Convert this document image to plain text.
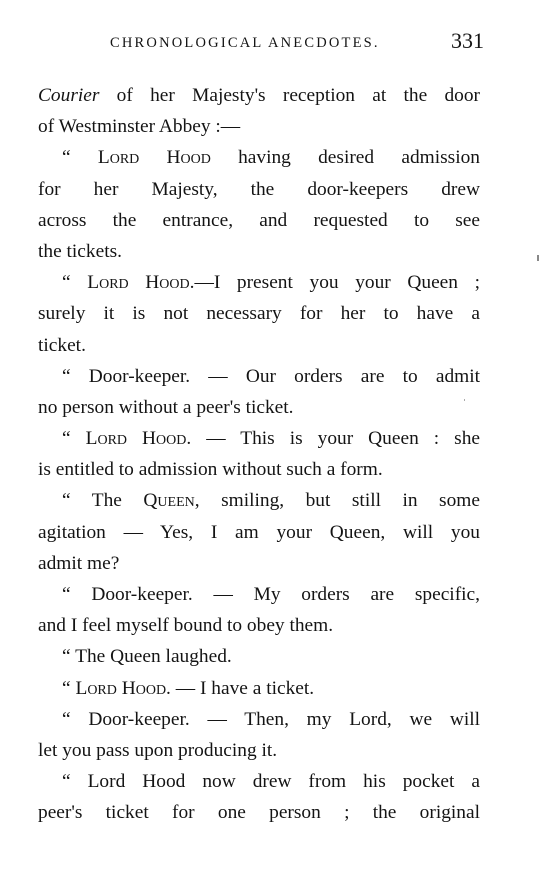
CHRONOLOGICAL ANECDOTES.	331

Courier of her Majesty's reception at the door
of Westminster Abbey :—

“ Lord Hood having desired admission
for her Majesty, the door-keepers drew
across the entrance, and requested to see
the tickets.

“ Lord Hood.—I present you your Queen ;
surely it is not necessary for her to have a
ticket.

“ Door-keeper. — Our orders are to admit
no person without a peer's ticket.

“ Lord Hood. — This is your Queen : she
is entitled to admission without such a form.

“ The Queen, smiling, but still in some
agitation — Yes, I am your Queen, will you
admit me?

“ Door-keeper. — My orders are specific,
and I feel myself bound to obey them.

“ The Queen laughed.

“ Lord Hood. — I have a ticket.

“ Door-keeper. — Then, my Lord, we will
let you pass upon producing it.

“ Lord Hood now drew from his pocket a
peer's ticket for one person ; the original
